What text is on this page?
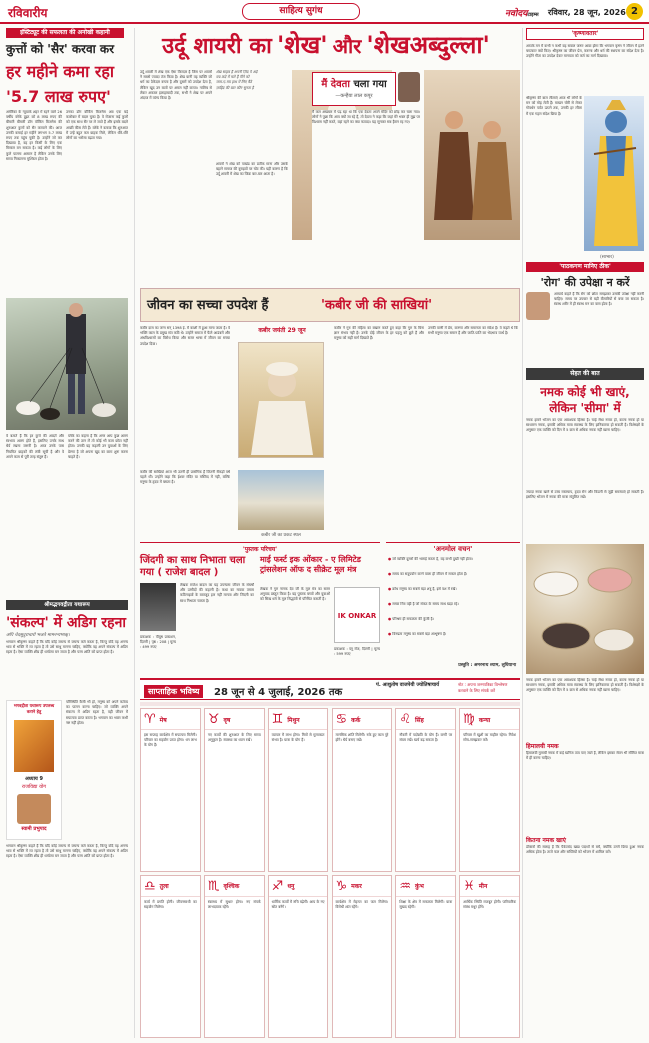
रविवारीय	साहित्य सुगंध	नवोदयटाइम्स रविवार, 28 जून, 2026 2
इंस्टिट्यूट की सफलता की अनोखी कहानी
कुत्तों को 'सैर' करवा कर
हर महीने कमा रहा
'5.7 लाख रुपए'
अमेरिका के न्यूयार्क शहर में रहने वाले 26 वर्षीय ब्लेके प्रुइट को 8 लाख रुपए की बीमारी बीमारी डॉग वॉकिंग बिजनेस की शुरुआत कुत्तों को सैर करवाने की। आज उनकी कमाई हर महीने लगभग 5.7 लाख रुपए तक पहुंच चुकी है। उन्होंने जो कर दिखाया है, वह हर किसी के लिए एक मिसाल बन सकता है। कई लोगों के लिए कुत्ते पालना आसान है लेकिन उनके लिए समय निकालना मुश्किल होता है।
उनका डॉग वॉकिंग बिजनेस अब एक बड़े कारोबार में बदल चुका है। वे रोजाना कई कुत्तों को एक साथ सैर पर ले जाते हैं और इसके बदले अच्छी फीस लेते हैं। ब्लेके ने बताया कि शुरुआत में उन्हें बहुत कम ग्राहक मिले, लेकिन धीरे-धीरे लोगों का भरोसा बढ़ता गया।
वे बताते हैं कि हर कुत्ते की आदतें और स्वभाव अलग होते हैं, इसलिए उनके साथ धैर्य रखना जरूरी है। आज उनके पास नियमित ग्राहकों की लंबी सूची है और वे अपने काम से पूरी तरह संतुष्ट हैं।
ब्लेके का कहना है कि अगर आप कुछ अलग करने की ठान लें तो कोई भी काम छोटा नहीं होता। उनकी यह कहानी उन युवाओं के लिए प्रेरणा है जो अपना खुद का काम शुरू करना चाहते हैं।
श्रीमद्भगवद्गीता यथारूप
'संकल्प' में अडिग रहना
अपि चेदसुदुराचारो भजते मामनन्यभाक्।
भगवान श्रीकृष्ण कहते हैं कि यदि कोई जघन्य से जघन्य कर्म करता है, किन्तु यदि वह अनन्य भाव से भक्ति में रत रहता है तो उसे साधु मानना चाहिए, क्योंकि वह अपने संकल्प में अडिग रहता है। ऐसा व्यक्ति शीघ्र ही धर्मात्मा बन जाता है और परम शांति को प्राप्त होता है।
भगवद्गीता यथारूप उपलब्ध कराने हेतु
अध्याय 9
राजविद्या योग
स्वामी प्रभुपाद
परिस्थिति कैसी भी हो, मनुष्य को अपने कर्तव्य का पालन करना चाहिए। जो व्यक्ति अपने संकल्प में अडिग रहता है, वही जीवन में सफलता प्राप्त करता है। भगवान का भक्त कभी नष्ट नहीं होता।
भगवान श्रीकृष्ण कहते हैं कि यदि कोई जघन्य से जघन्य कर्म करता है, किन्तु यदि वह अनन्य भाव से भक्ति में रत रहता है तो उसे साधु मानना चाहिए, क्योंकि वह अपने संकल्प में अडिग रहता है। ऐसा व्यक्ति शीघ्र ही धर्मात्मा बन जाता है और परम शांति को प्राप्त होता है।
उर्दू शायरी का 'शेख' और 'शेखअब्दुल्ला'
उर्दू शायरी में शेख एक ऐसा किरदार है जिस पर शायरों ने सबसे ज्यादा तंज किया है। शेख यानी वह व्यक्ति जो धर्म का ठेकेदार बनता है और दूसरों को उपदेश देता है, लेकिन खुद उन बातों पर अमल नहीं करता। गालिब से लेकर अकबर इलाहाबादी तक, सभी ने शेख पर अपने अंदाज में व्यंग्य किया है।
शेख़ साहब हैं अपनी ज़िद पे अड़े
मय-कदे में चले हैं पीने को
जाम-ए-मय हाथ में लिए बैठे
ज़ाहिद की बात कौन सुनता है
शायरों ने शेख को पाखंड का प्रतीक माना और उसके बहाने समाज की बुराइयों पर चोट की। यही कारण है कि उर्दू शायरी में शेख का जिक्र बार-बार आता है।
मैं देवता चला गया
—कन्हैया लाल कपूर
मैं कल अखबार में पढ़ रहा था कि एक देवता अपने मंदिर को छोड़ कर चला गया। लोगों ने पूछा कि आप क्यों जा रहे हैं, तो देवता ने कहा कि जहां मेरे भक्त ही मुझ पर विश्वास नहीं करते, वहां रहने का क्या फायदा। यह सुनकर सब हैरान रह गए।
जीवन का सच्चा उपदेश हैं	'कबीर जी की साखियां'
कबीर दास का जन्म सन् 1398 ई. में काशी में हुआ माना जाता है। वे भक्ति काल के प्रमुख संत कवि थे। उन्होंने समाज में फैले आडंबरों और अंधविश्वासों का विरोध किया और सरल भाषा में जीवन का सच्चा उपदेश दिया।
कबीर जयंती 29 जून
कबीर की साखियां आज भी उतनी ही प्रासंगिक हैं जितनी सैकड़ों वर्ष पहले थीं। उन्होंने कहा कि ईश्वर मंदिर या मस्जिद में नहीं, बल्कि मनुष्य के हृदय में बसता है।
कबीर जी का प्रकट स्थल
कबीर ने गुरु की महिमा का बखान करते हुए कहा कि गुरु के बिना ज्ञान संभव नहीं है। उनके दोहे जीवन के हर पहलू को छूते हैं और मनुष्य को सही मार्ग दिखाते हैं।
उनकी वाणी में प्रेम, करुणा और समानता का संदेश है। वे कहते थे कि सभी मनुष्य एक समान हैं और जाति-पाति का भेदभाव व्यर्थ है।
'पुस्तक परिचय'
जिंदगी का साथ निभाता चला गया ( राजेश बादल )
लेखक राजेश बादल का यह उपन्यास जीवन के संघर्षों और उम्मीदों की कहानी है। कथा का नायक तमाम कठिनाइयों के बावजूद हार नहीं मानता और जिंदगी का साथ निभाता चलता है।
प्रकाशक : पीयूष प्रकाशन, दिल्ली | पृष्ठ : 208 | मूल्य : 499 रुपए
माई फर्स्ट इक ओंकार - ए लिमिटेड ट्रांसलेशन ऑफ द सीक्रेट मूल मंत्र
लेखक ने गुरु नानक देव जी के मूल मंत्र का सरल अनुवाद प्रस्तुत किया है। यह पुस्तक बच्चों और युवाओं को सिख धर्म के मूल सिद्धांतों से परिचित कराती है।
IK ONKAR
प्रकाशक : ब्लू रोज, दिल्ली | मूल्य : 599 रुपए
'अनमोल वचन'
● जो व्यक्ति दूसरों की भलाई करता है, वह कभी दुखी नहीं होता।
● समय का सदुपयोग करने वाला ही जीवन में सफल होता है।
● क्रोध मनुष्य का सबसे बड़ा शत्रु है, इसे वश में रखें।
● सच्चा मित्र वही है जो संकट के समय साथ खड़ा रहे।
● परिश्रम ही सफलता की कुंजी है।
● विनम्रता मनुष्य का सबसे बड़ा आभूषण है।
प्रस्तुति : अमरनाथ श्याम, लुधियाना
साप्ताहिक भविष्य	28 जून से 4 जुलाई, 2026 तक
पं. आशुतोष वाजपेयी ज्योतिषाचार्य	नोट : अपना जन्मपत्रिका विश्लेषण करवाने के लिए संपर्क करें
♈ मेष
इस सप्ताह कार्यक्षेत्र में सफलता मिलेगी। परिवार का सहयोग प्राप्त होगा। धन लाभ के योग हैं।
♉ वृष
नए कार्यों की शुरुआत के लिए समय अनुकूल है। स्वास्थ्य का ध्यान रखें।
♊ मिथुन
व्यापार में लाभ होगा। मित्रों से मुलाकात संभव है। यात्रा के योग हैं।
♋ कर्क
मानसिक शांति मिलेगी। रुके हुए काम पूरे होंगे। धैर्य बनाए रखें।
♌ सिंह
नौकरी में पदोन्नति के योग हैं। वाणी पर संयम रखें। खर्च बढ़ सकता है।
♍ कन्या
परिवार में खुशी का माहौल रहेगा। निवेश सोच-समझकर करें।
♎ तुला
कार्य में प्रगति होगी। जीवनसाथी का सहयोग मिलेगा।
♏ वृश्चिक
स्वास्थ्य में सुधार होगा। नए संपर्क लाभदायक रहेंगे।
♐ धनु
धार्मिक कार्यों में रुचि बढ़ेगी। आय के नए स्रोत बनेंगे।
♑ मकर
कार्यक्षेत्र में मेहनत का फल मिलेगा। विरोधी शांत रहेंगे।
♒ कुंभ
शिक्षा के क्षेत्र में सफलता मिलेगी। यात्रा सुखद रहेगी।
♓ मीन
आर्थिक स्थिति मजबूत होगी। पारिवारिक संबंध मधुर होंगे।
'कृष्णावतार'
आपके मन में कभी न कभी यह सवाल जरूर आया होगा कि भगवान कृष्ण ने जीवन में इतने चमत्कार क्यों किए। श्रीकृष्ण का जीवन प्रेम, करुणा और धर्म की स्थापना का संदेश देता है। उन्होंने गीता का उपदेश देकर मानवता को कर्म का मार्ग दिखाया।
श्रीकृष्ण की बाल लीलाएं आज भी लोगों के मन को मोह लेती हैं। माखन चोरी से लेकर गोवर्धन पर्वत उठाने तक, उनकी हर लीला में एक गहरा संदेश छिपा है।
(साभार)
'पाठकगण मानिए ठीक'
'रोग' की उपेक्षा न करें
आचार्य कहते हैं कि रोग को छोटा समझकर उसकी उपेक्षा नहीं करनी चाहिए। समय पर उपचार से बड़ी बीमारियों से बचा जा सकता है। स्वस्थ शरीर में ही स्वस्थ मन का वास होता है।
सेहत की बात
नमक कोई भी खाएं,
लेकिन 'सीमा' में
नमक हमारे भोजन का एक आवश्यक हिस्सा है। चाहे सेंधा नमक हो, काला नमक हो या साधारण नमक, इसकी अधिक मात्रा स्वास्थ्य के लिए हानिकारक हो सकती है। विशेषज्ञों के अनुसार एक व्यक्ति को दिन में 5 ग्राम से अधिक नमक नहीं खाना चाहिए।
ज्यादा नमक खाने से उच्च रक्तचाप, हृदय रोग और किडनी से जुड़ी समस्याएं हो सकती हैं। इसलिए भोजन में नमक की मात्रा संतुलित रखें।
नमक हमारे भोजन का एक आवश्यक हिस्सा है। चाहे सेंधा नमक हो, काला नमक हो या साधारण नमक, इसकी अधिक मात्रा स्वास्थ्य के लिए हानिकारक हो सकती है। विशेषज्ञों के अनुसार एक व्यक्ति को दिन में 5 ग्राम से अधिक नमक नहीं खाना चाहिए।
हिमालयी नमक
हिमालयी गुलाबी नमक में कई खनिज तत्व पाए जाते हैं, लेकिन इसका सेवन भी सीमित मात्रा में ही करना चाहिए।
कितना नमक खाएं
डॉक्टरों की सलाह है कि पैकेटबंद खाद्य पदार्थों से बचें, क्योंकि उनमें छिपा हुआ नमक अधिक होता है। ताजे फल और सब्जियों को भोजन में शामिल करें।
